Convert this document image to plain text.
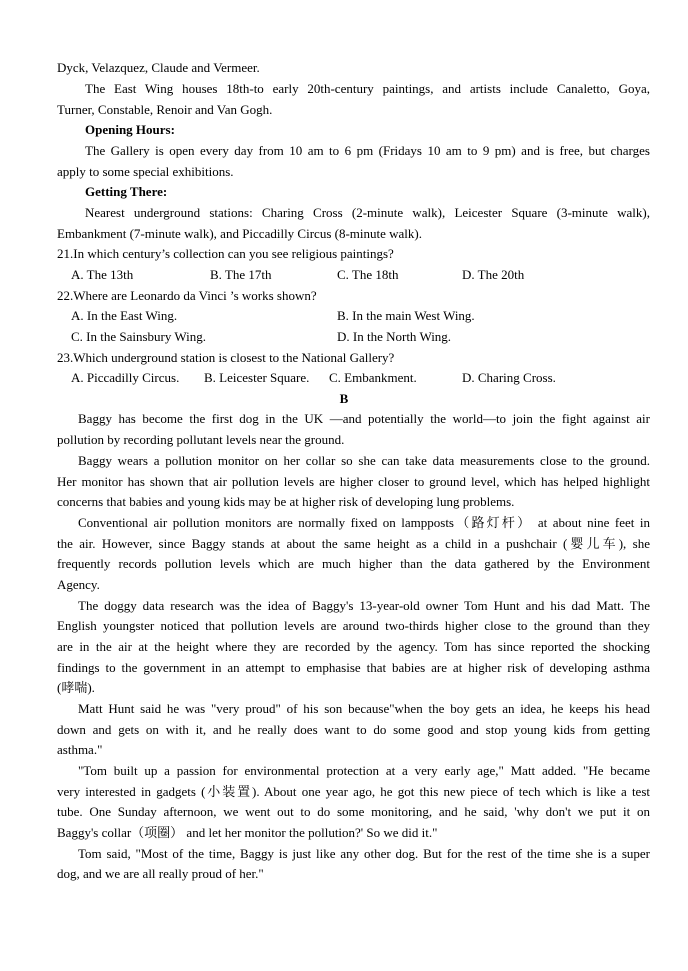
Dyck, Velazquez, Claude and Vermeer.
The East Wing houses 18th-to early 20th-century paintings, and artists include Canaletto, Goya,
Turner, Constable, Renoir and Van Gogh.
Opening Hours:
The Gallery is open every day from 10 am to 6 pm (Fridays 10 am to 9 pm) and is free, but charges
apply to some special exhibitions.
Getting There:
Nearest underground stations: Charing Cross (2-minute walk), Leicester Square (3-minute walk),
Embankment (7-minute walk), and Piccadilly Circus (8-minute walk).
21.In which century’s collection can you see religious paintings?
A. The 13th	B. The 17th	C. The 18th	D. The 20th
22.Where are Leonardo da Vinci ’s works shown?
A. In the East Wing.	B. In the main West Wing.
C. In the Sainsbury Wing.	D. In the North Wing.
23.Which underground station is closest to the National Gallery?
A. Piccadilly Circus. B. Leicester Square. C. Embankment.	D. Charing Cross.
B
Baggy has become the first dog in the UK —and potentially the world—to join the fight against air
pollution by recording pollutant levels near the ground.
Baggy wears a pollution monitor on her collar so she can take data measurements close to the ground.
Her monitor has shown that air pollution levels are higher closer to ground level, which has helped highlight
concerns that babies and young kids may be at higher risk of developing lung problems.
Conventional air pollution monitors are normally fixed on lampposts（路灯杆） at about nine feet in
the air. However, since Baggy stands at about the same height as a child in a pushchair (婴儿车), she
frequently records pollution levels which are much higher than the data gathered by the Environment
Agency.
The doggy data research was the idea of Baggy's 13-year-old owner Tom Hunt and his dad Matt. The
English youngster noticed that pollution levels are around two-thirds higher close to the ground than they
are in the air at the height where they are recorded by the agency. Tom has since reported the shocking
findings to the government in an attempt to emphasise that babies are at higher risk of developing asthma
(哮喘).
Matt Hunt said he was "very proud" of his son because"when the boy gets an idea, he keeps his head
down and gets on with it, and he really does want to do some good and stop young kids from getting
asthma."
"Tom built up a passion for environmental protection at a very early age," Matt added. "He became
very interested in gadgets (小装置). About one year ago, he got this new piece of tech which is like a test
tube. One Sunday afternoon, we went out to do some monitoring, and he said, 'why don't we put it on
Baggy's collar（项圈） and let her monitor the pollution?' So we did it."
Tom said, "Most of the time, Baggy is just like any other dog. But for the rest of the time she is a super
dog, and we are all really proud of her."
